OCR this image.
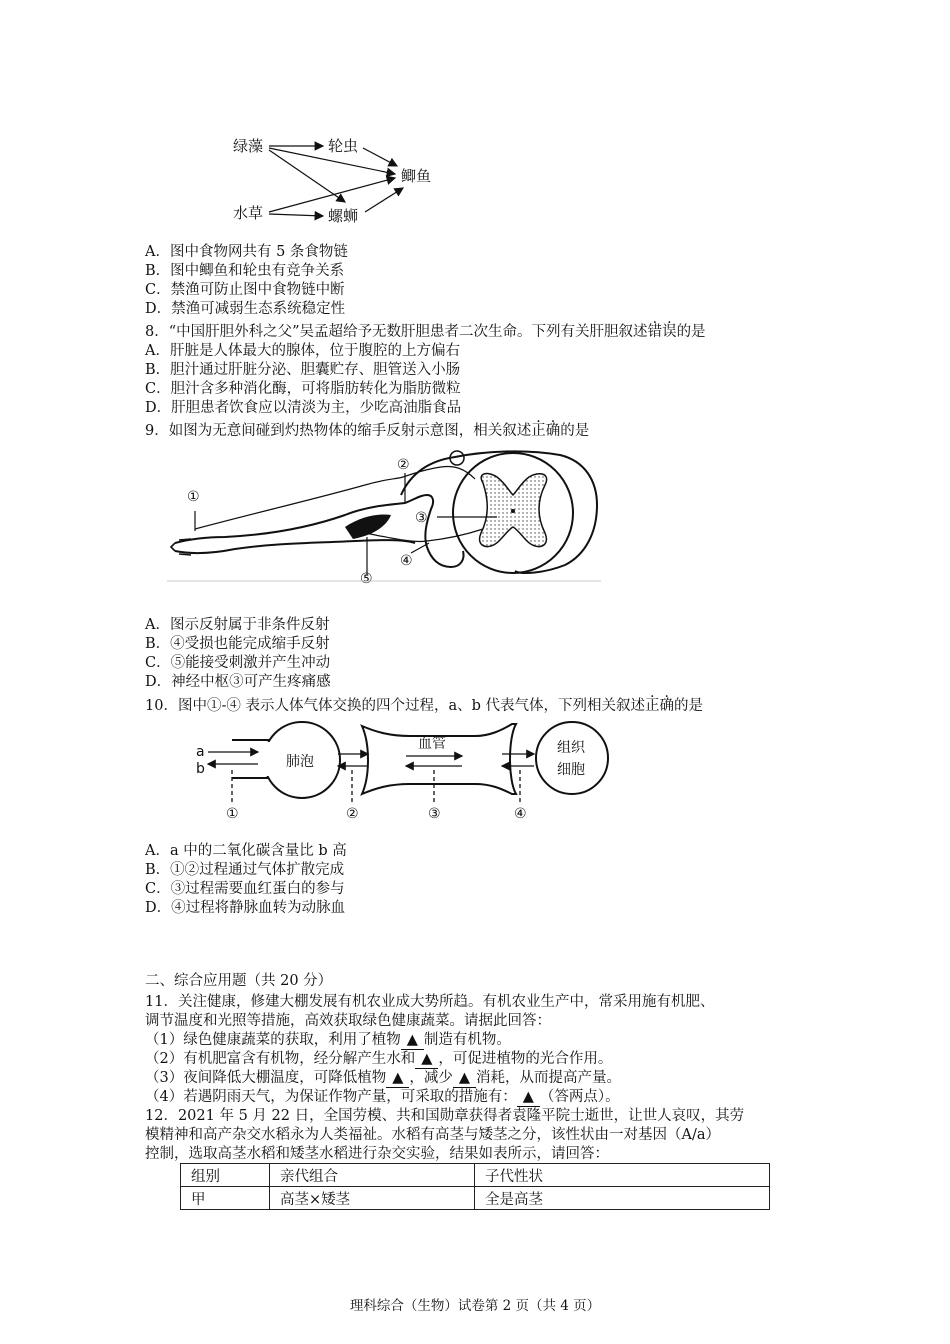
绿藻	轮虫
鲫鱼
水草	螺蛳
A．图中食物网共有 5 条食物链
B．图中鲫鱼和轮虫有竞争关系
C．禁渔可防止图中食物链中断
D．禁渔可减弱生态系统稳定性
8．“中国肝胆外科之父”吴孟超给予无数肝胆患者二次生命。下列有关肝胆叙述错误的是
A．肝脏是人体最大的腺体，位于腹腔的上方偏右
B．胆汁通过肝脏分泌、胆囊贮存、胆管送入小肠
C．胆汁含多种消化酶，可将脂肪转化为脂肪微粒
D．肝胆患者饮食应以清淡为主，少吃高油脂食品
9．如图为无意间碰到灼热物体的缩手反射示意图，相关叙述正确的是
①
②
③
④
⑤
A．图示反射属于非条件反射
B．④受损也能完成缩手反射
C．⑤能接受刺激并产生冲动
D．神经中枢③可产生疼痛感
10．图中①-④ 表示人体气体交换的四个过程，a、b 代表气体，下列相关叙述正确的是
a
b	肺泡
血管	组织
细胞
①	②	③	④
A．a 中的二氧化碳含量比 b 高
B．①②过程通过气体扩散完成
C．③过程需要血红蛋白的参与
D．④过程将静脉血转为动脉血
二、综合应用题（共 20 分）
11．关注健康，修建大棚发展有机农业成大势所趋。有机农业生产中，常采用施有机肥、
调节温度和光照等措施，高效获取绿色健康蔬菜。请据此回答：
（1）绿色健康蔬菜的获取，利用了植物 ▲ 制造有机物。
（2）有机肥富含有机物，经分解产生水和 ▲ ，可促进植物的光合作用。
（3）夜间降低大棚温度，可降低植物 ▲ ，减少 ▲ 消耗，从而提高产量。
（4）若遇阴雨天气，为保证作物产量，可采取的措施有： ▲ （答两点）。
12．2021 年 5 月 22 日，全国劳模、共和国勋章获得者袁隆平院士逝世，让世人哀叹，其劳
模精神和高产杂交水稻永为人类福祉。水稻有高茎与矮茎之分，该性状由一对基因（A/a）
控制，选取高茎水稻和矮茎水稻进行杂交实验，结果如表所示，请回答：
组别	亲代组合	子代性状
甲	高茎×矮茎	全是高茎
理科综合（生物）试卷第 2 页（共 4 页）
